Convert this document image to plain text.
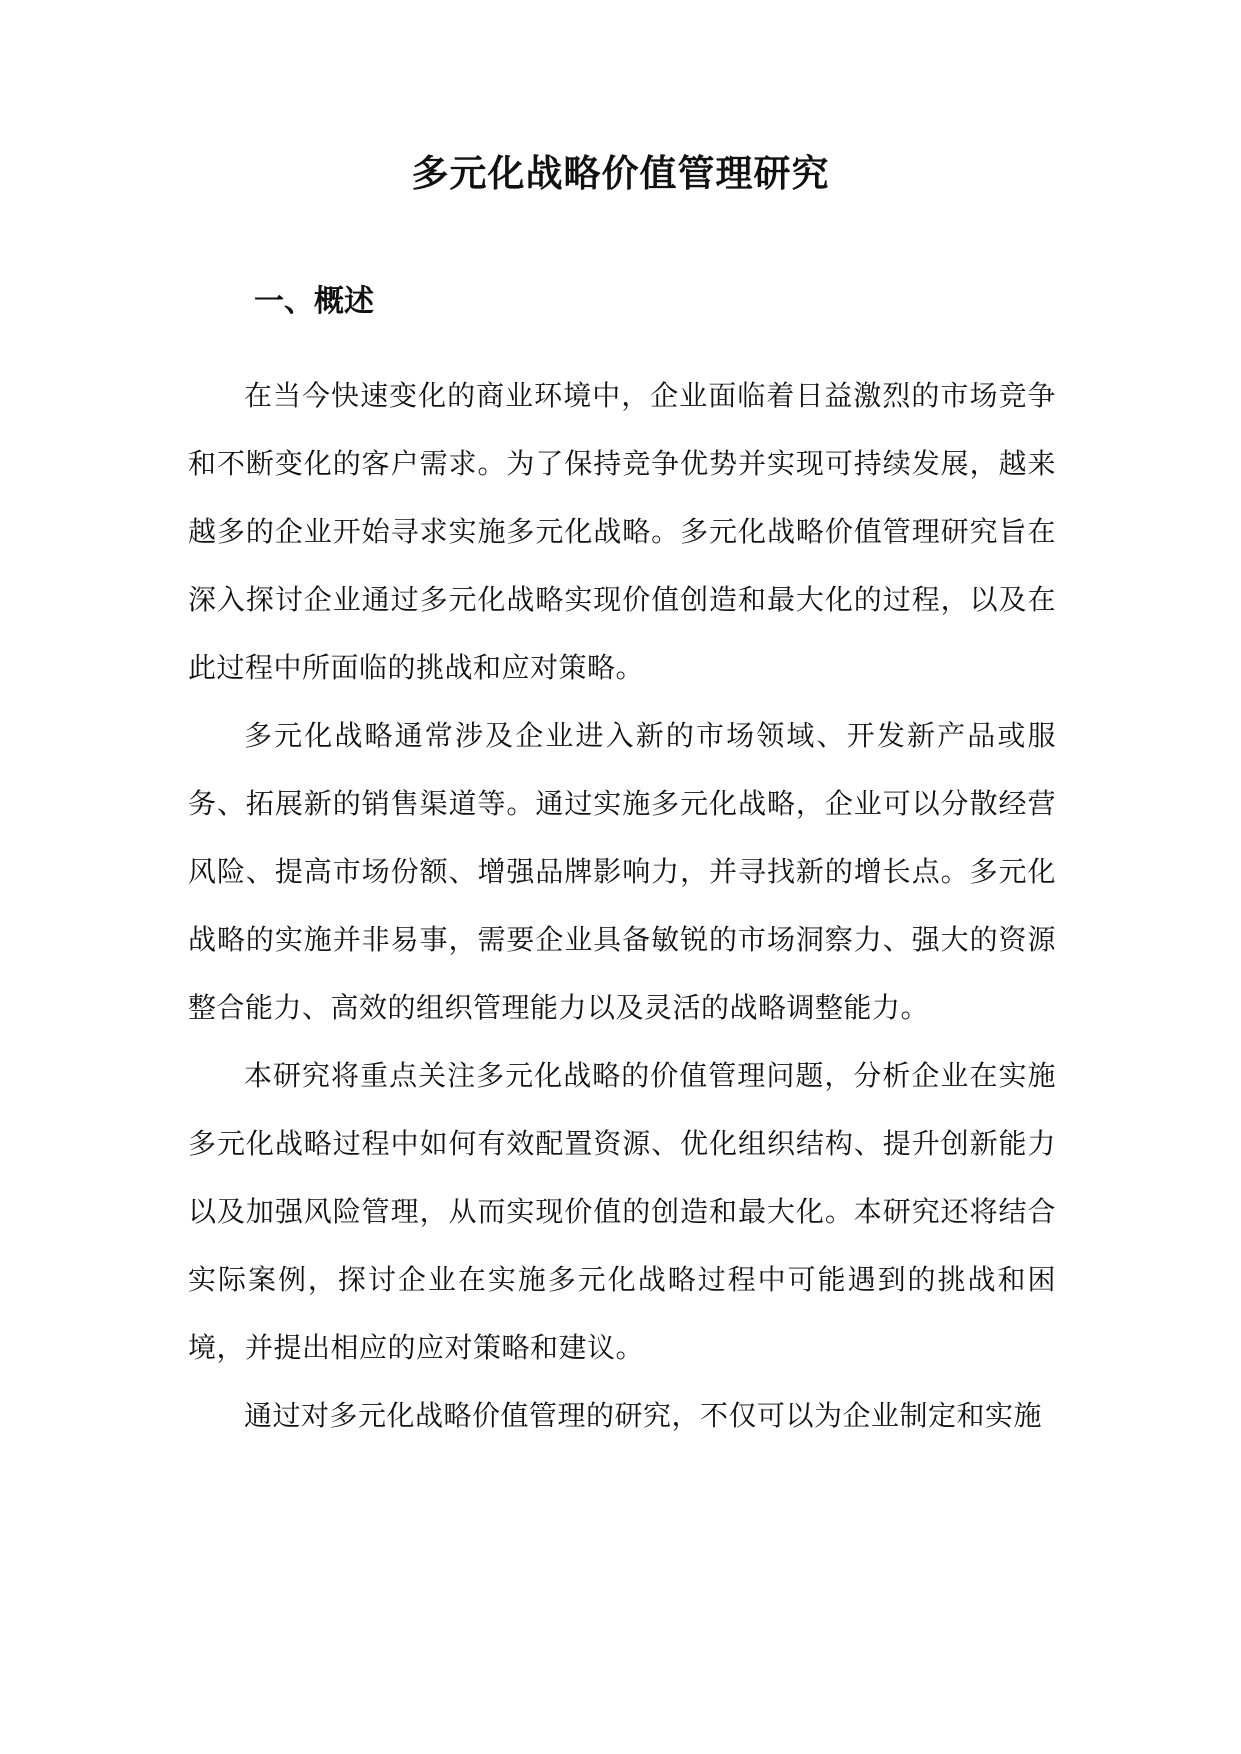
多元化战略价值管理研究
一、概述

在当今快速变化的商业环境中，企业面临着日益激烈的市场竞争和不断变化的客户需求。为了保持竞争优势并实现可持续发展，越来越多的企业开始寻求实施多元化战略。多元化战略价值管理研究旨在深入探讨企业通过多元化战略实现价值创造和最大化的过程，以及在此过程中所面临的挑战和应对策略。

多元化战略通常涉及企业进入新的市场领域、开发新产品或服务、拓展新的销售渠道等。通过实施多元化战略，企业可以分散经营风险、提高市场份额、增强品牌影响力，并寻找新的增长点。多元化战略的实施并非易事，需要企业具备敏锐的市场洞察力、强大的资源整合能力、高效的组织管理能力以及灵活的战略调整能力。

本研究将重点关注多元化战略的价值管理问题，分析企业在实施多元化战略过程中如何有效配置资源、优化组织结构、提升创新能力以及加强风险管理，从而实现价值的创造和最大化。本研究还将结合实际案例，探讨企业在实施多元化战略过程中可能遇到的挑战和困境，并提出相应的应对策略和建议。

通过对多元化战略价值管理的研究，不仅可以为企业制定和实施
